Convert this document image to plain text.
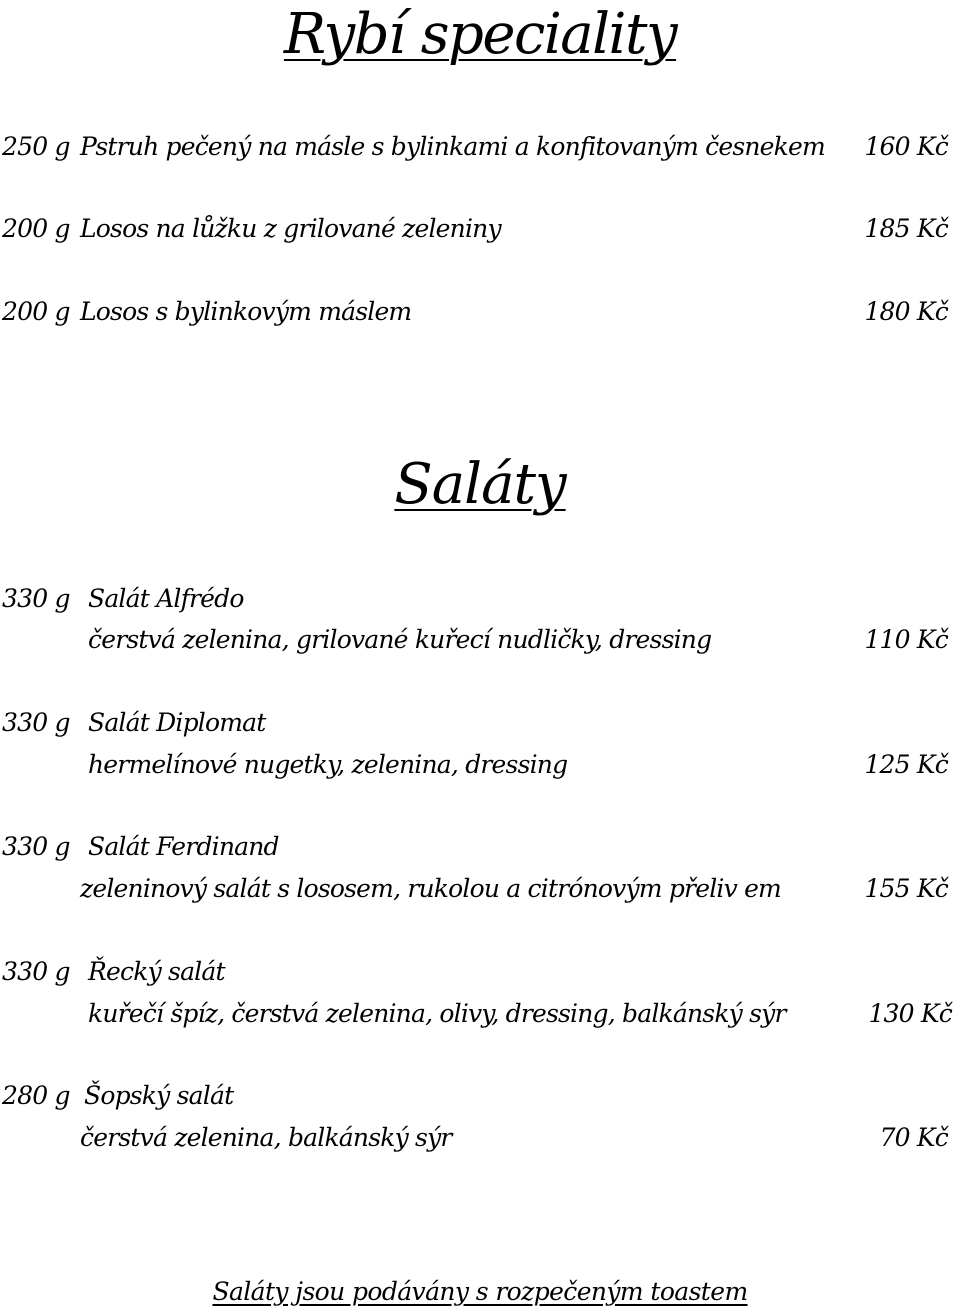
Rybí speciality
250 g Pstruh pečený na másle s bylinkami a konfitovaným česnekem	160 Kč
200 g Losos na lůžku z grilované zeleniny	185 Kč
200 g Losos s bylinkovým máslem	180 Kč
Saláty
330 g Salát Alfrédo
čerstvá zelenina, grilované kuřecí nudličky, dressing	110 Kč
330 g Salát Diplomat
hermelínové nugetky, zelenina, dressing	125 Kč
330 g Salát Ferdinand
zeleninový salát s lososem, rukolou a citrónovým přeliv em	155 Kč
330 g Řecký salát
kuřečí špíz, čerstvá zelenina, olivy, dressing, balkánský sýr	130 Kč
280 g Šopský salát
čerstvá zelenina, balkánský sýr	70 Kč
Saláty jsou podávány s rozpečeným toastem
